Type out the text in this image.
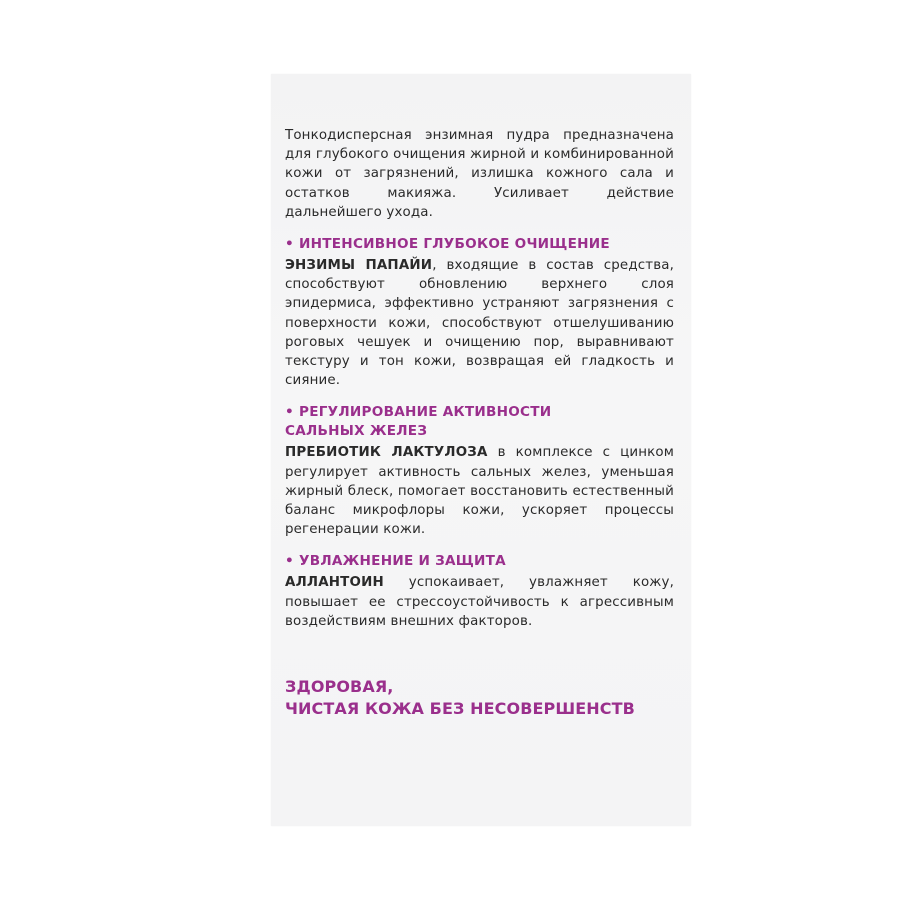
Тонкодисперсная энзимная пудра предназначена для глубокого очищения жирной и комбинированной кожи от загрязнений, излишка кожного сала и остатков макияжа. Усиливает действие дальнейшего ухода.

• ИНТЕНСИВНОЕ ГЛУБОКОЕ ОЧИЩЕНИЕ

ЭНЗИМЫ ПАПАЙИ, входящие в состав средства, способствуют обновлению верхнего слоя эпидермиса, эффективно устраняют загрязнения с поверхности кожи, способствуют отшелушиванию роговых чешуек и очищению пор, выравнивают текстуру и тон кожи, возвращая ей гладкость и сияние.

• РЕГУЛИРОВАНИЕ АКТИВНОСТИ
САЛЬНЫХ ЖЕЛЕЗ

ПРЕБИОТИК ЛАКТУЛОЗА в комплексе с цинком регулирует активность сальных желез, уменьшая жирный блеск, помогает восстановить естественный баланс микрофлоры кожи, ускоряет процессы регенерации кожи.

• УВЛАЖНЕНИЕ И ЗАЩИТА

АЛЛАНТОИН успокаивает, увлажняет кожу, повышает ее стрессоустойчивость к агрессивным воздействиям внешних факторов.

ЗДОРОВАЯ,
ЧИСТАЯ КОЖА БЕЗ НЕСОВЕРШЕНСТВ
